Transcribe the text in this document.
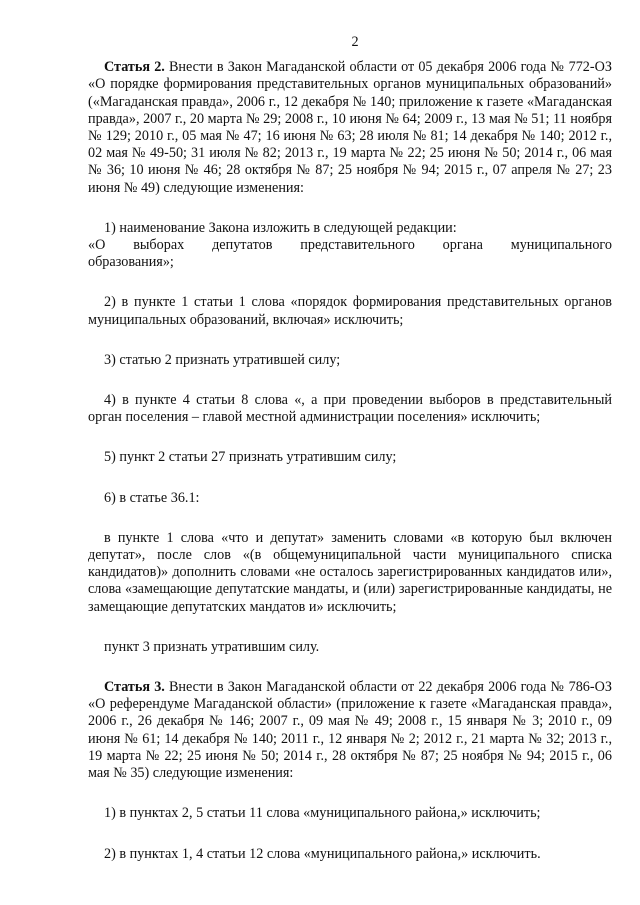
2

Статья 2. Внести в Закон Магаданской области от 05 декабря 2006 года № 772-ОЗ «О порядке формирования представительных органов муниципальных образований» («Магаданская правда», 2006 г., 12 декабря № 140; приложение к газете «Магаданская правда», 2007 г., 20 марта № 29; 2008 г., 10 июня № 64; 2009 г., 13 мая № 51; 11 ноября № 129; 2010 г., 05 мая № 47; 16 июня № 63; 28 июля № 81; 14 декабря № 140; 2012 г., 02 мая № 49-50; 31 июля № 82; 2013 г., 19 марта № 22; 25 июня № 50; 2014 г., 06 мая № 36; 10 июня № 46; 28 октября № 87; 25 ноября № 94; 2015 г., 07 апреля № 27; 23 июня № 49) следующие изменения:

1) наименование Закона изложить в следующей редакции:

«О выборах депутатов представительного органа муниципального

образования»;

2) в пункте 1 статьи 1 слова «порядок формирования представительных органов муниципальных образований, включая» исключить;

3) статью 2 признать утратившей силу;

4) в пункте 4 статьи 8 слова «, а при проведении выборов в представительный орган поселения – главой местной администрации поселения» исключить;

5) пункт 2 статьи 27 признать утратившим силу;

6) в статье 36.1:

в пункте 1 слова «что и депутат» заменить словами «в которую был включен депутат», после слов «(в общемуниципальной части муниципального списка кандидатов)» дополнить словами «не осталось зарегистрированных кандидатов или», слова «замещающие депутатские мандаты, и (или) зарегистрированные кандидаты, не замещающие депутатских мандатов и» исключить;

пункт 3 признать утратившим силу.

Статья 3. Внести в Закон Магаданской области от 22 декабря 2006 года № 786-ОЗ «О референдуме Магаданской области» (приложение к газете «Магаданская правда», 2006 г., 26 декабря № 146; 2007 г., 09 мая № 49; 2008 г., 15 января № 3; 2010 г., 09 июня № 61; 14 декабря № 140; 2011 г., 12 января № 2; 2012 г., 21 марта № 32; 2013 г., 19 марта № 22; 25 июня № 50; 2014 г., 28 октября № 87; 25 ноября № 94; 2015 г., 06 мая № 35) следующие изменения:

1) в пунктах 2, 5 статьи 11 слова «муниципального района,» исключить;

2) в пунктах 1, 4 статьи 12 слова «муниципального района,» исключить.
